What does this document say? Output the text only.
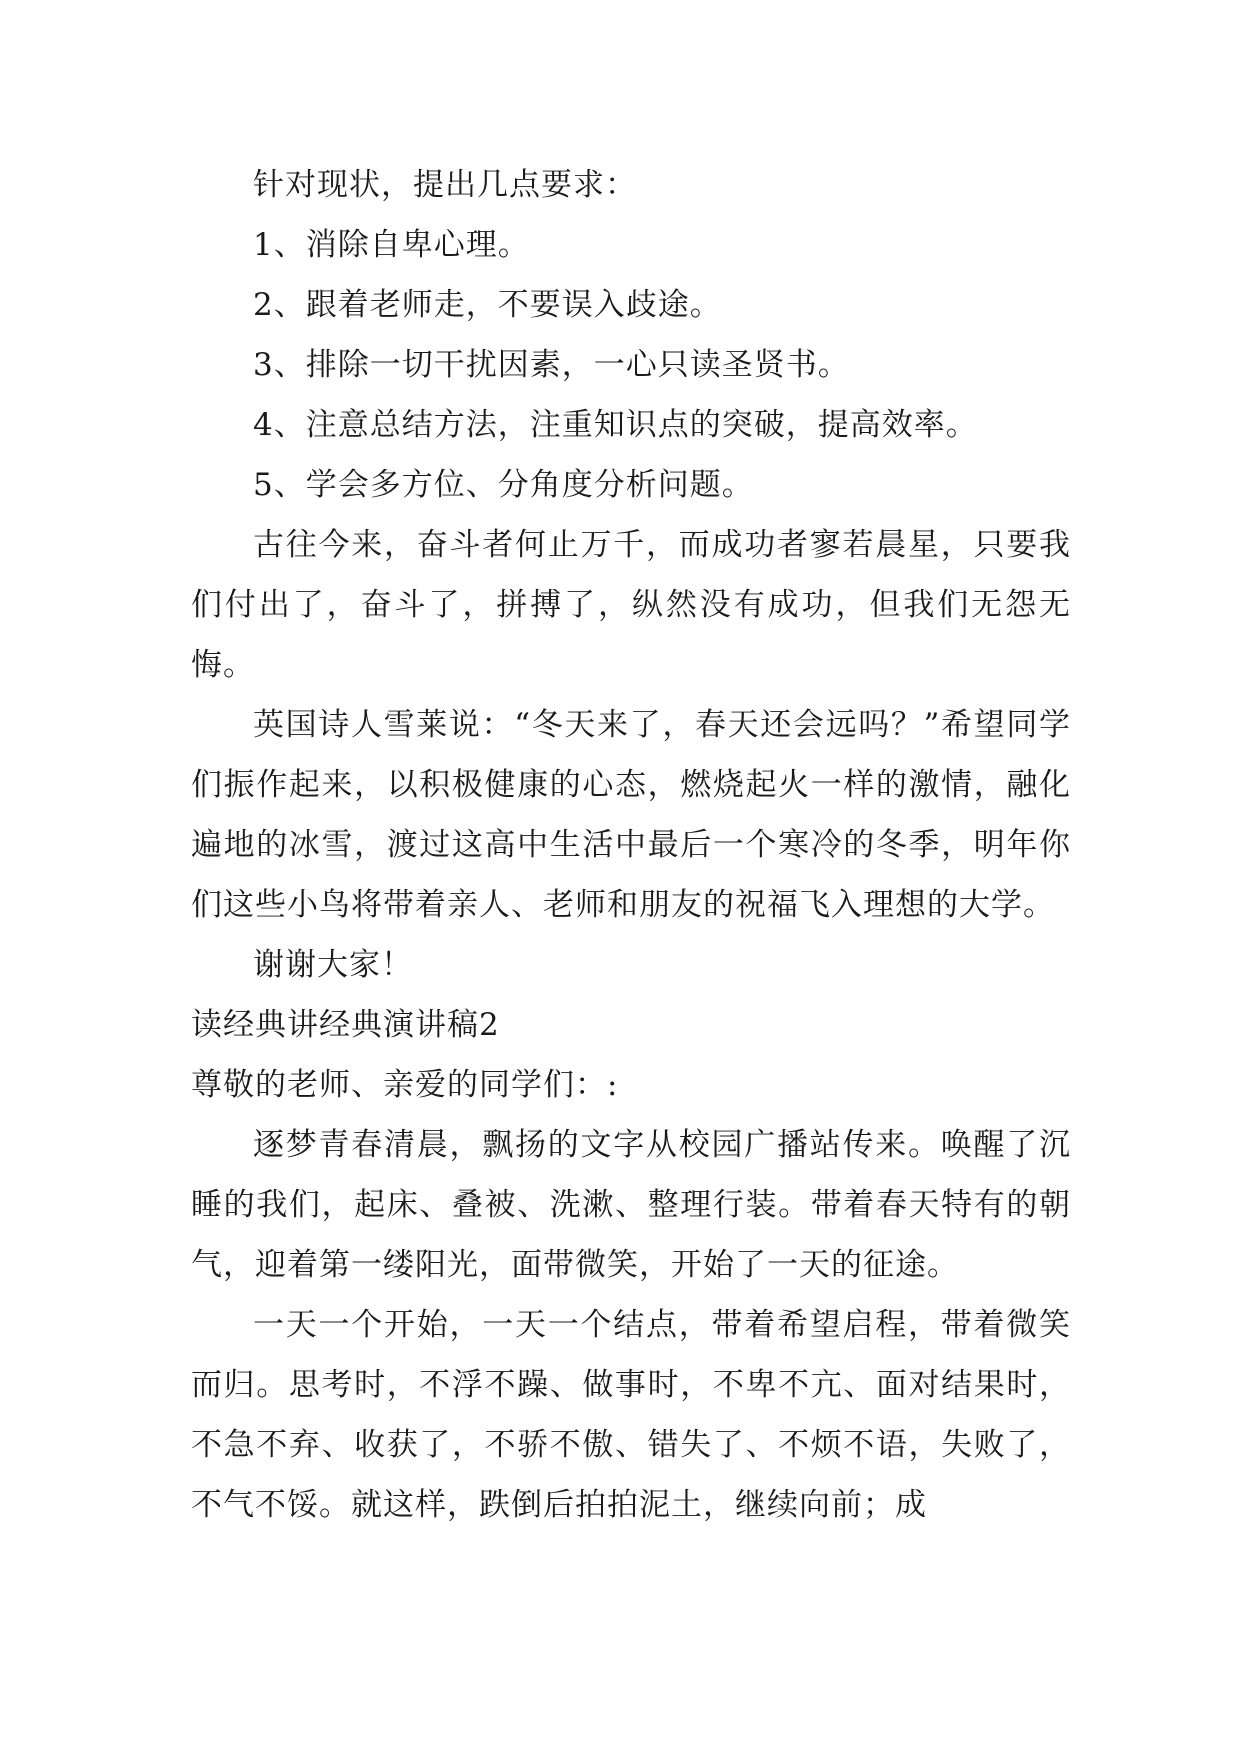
针对现状，提出几点要求：

1、消除自卑心理。

2、跟着老师走，不要误入歧途。

3、排除一切干扰因素，一心只读圣贤书。

4、注意总结方法，注重知识点的突破，提高效率。

5、学会多方位、分角度分析问题。

古往今来，奋斗者何止万千，而成功者寥若晨星，只要我们付出了，奋斗了，拼搏了，纵然没有成功，但我们无怨无悔。

英国诗人雪莱说：“冬天来了，春天还会远吗？”希望同学们振作起来，以积极健康的心态，燃烧起火一样的激情，融化遍地的冰雪，渡过这高中生活中最后一个寒冷的冬季，明年你们这些小鸟将带着亲人、老师和朋友的祝福飞入理想的大学。

谢谢大家！

读经典讲经典演讲稿2

尊敬的老师、亲爱的同学们：:

逐梦青春清晨，飘扬的文字从校园广播站传来。唤醒了沉睡的我们，起床、叠被、洗漱、整理行装。带着春天特有的朝气，迎着第一缕阳光，面带微笑，开始了一天的征途。

一天一个开始，一天一个结点，带着希望启程，带着微笑而归。思考时，不浮不躁、做事时，不卑不亢、面对结果时，不急不弃、收获了，不骄不傲、错失了、不烦不语，失败了，不气不馁。就这样，跌倒后拍拍泥土，继续向前；成
